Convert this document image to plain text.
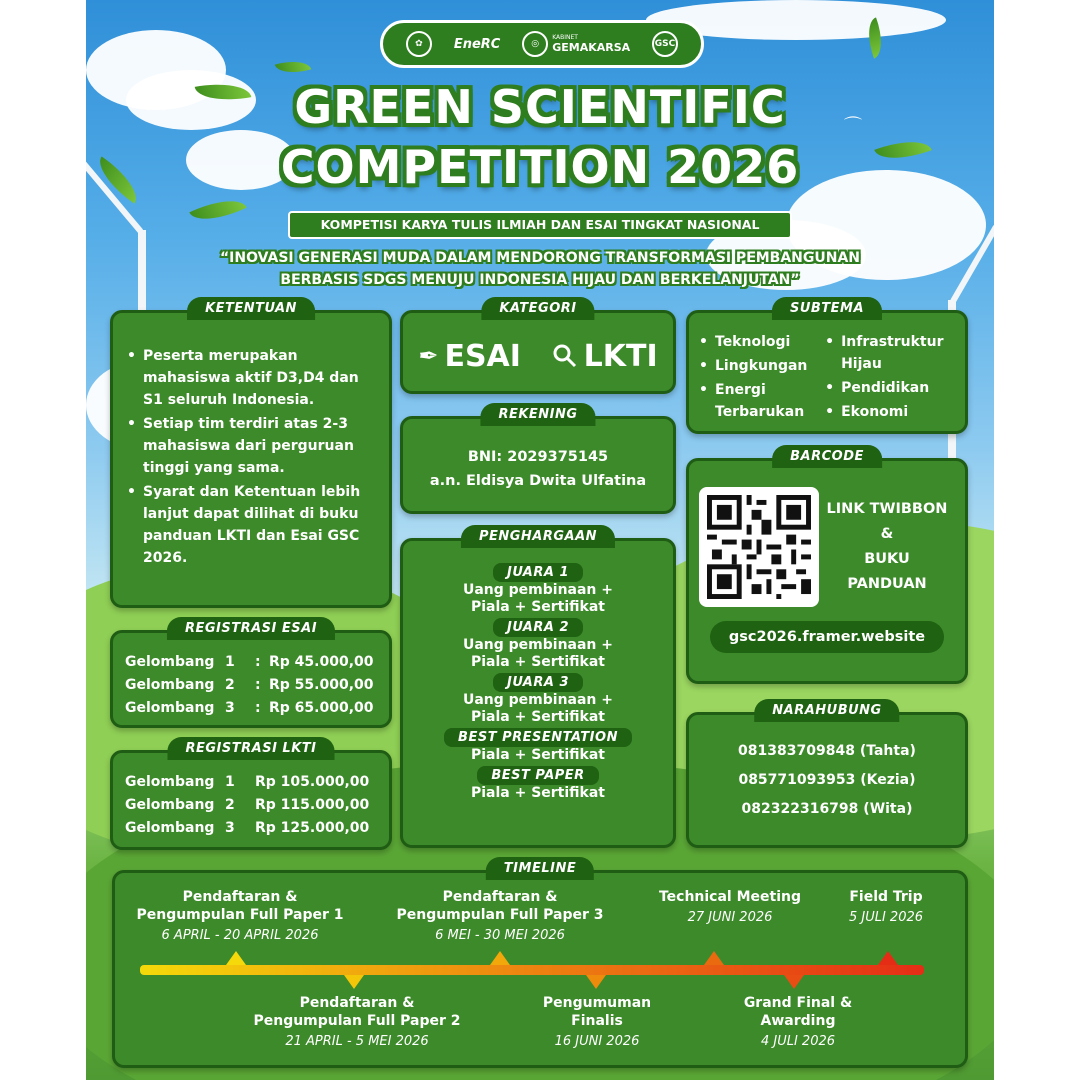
⌒
✿	EneRC	◎
KABINET
GEMAKARSA	GSC
GREEN SCIENTIFIC
COMPETITION 2026
KOMPETISI KARYA TULIS ILMIAH DAN ESAI TINGKAT NASIONAL
“INOVASI GENERASI MUDA DALAM MENDORONG TRANSFORMASI PEMBANGUNAN
BERBASIS SDGS MENUJU INDONESIA HIJAU DAN BERKELANJUTAN”
KETENTUAN
• Peserta merupakan mahasiswa aktif D3,D4 dan S1 seluruh Indonesia.
• Setiap tim terdiri atas 2-3 mahasiswa dari perguruan tinggi yang sama.
• Syarat dan Ketentuan lebih lanjut dapat dilihat di buku panduan LKTI dan Esai GSC 2026.
KATEGORI
✒ ESAI LKTI
SUBTEMA
• Teknologi
• Lingkungan
• Energi Terbarukan
• Infrastruktur Hijau
• Pendidikan
• Ekonomi
REKENING
BNI: 2029375145
a.n. Eldisya Dwita Ulfatina
BARCODE
LINK TWIBBON
&
BUKU
PANDUAN
gsc2026.framer.website
REGISTRASI ESAI
Gelombang 1	: Rp 45.000,00
Gelombang 2	: Rp 55.000,00
Gelombang 3	: Rp 65.000,00
REGISTRASI LKTI
Gelombang 1	Rp 105.000,00
Gelombang 2	Rp 115.000,00
Gelombang 3	Rp 125.000,00
PENGHARGAAN
JUARA 1
Uang pembinaan +
Piala + Sertifikat
JUARA 2
Uang pembinaan +
Piala + Sertifikat
JUARA 3
Uang pembinaan +
Piala + Sertifikat
BEST PRESENTATION
Piala + Sertifikat
BEST PAPER
Piala + Sertifikat
NARAHUBUNG
081383709848 (Tahta)
085771093953 (Kezia)
082322316798 (Wita)
TIMELINE
Pendaftaran &
Pengumpulan Full Paper 1
6 APRIL - 20 APRIL 2026
Pendaftaran &
Pengumpulan Full Paper 3
6 MEI - 30 MEI 2026
Technical Meeting
27 JUNI 2026
Field Trip
5 JULI 2026
Pendaftaran &
Pengumpulan Full Paper 2
21 APRIL - 5 MEI 2026
Pengumuman
Finalis
16 JUNI 2026
Grand Final &
Awarding
4 JULI 2026
